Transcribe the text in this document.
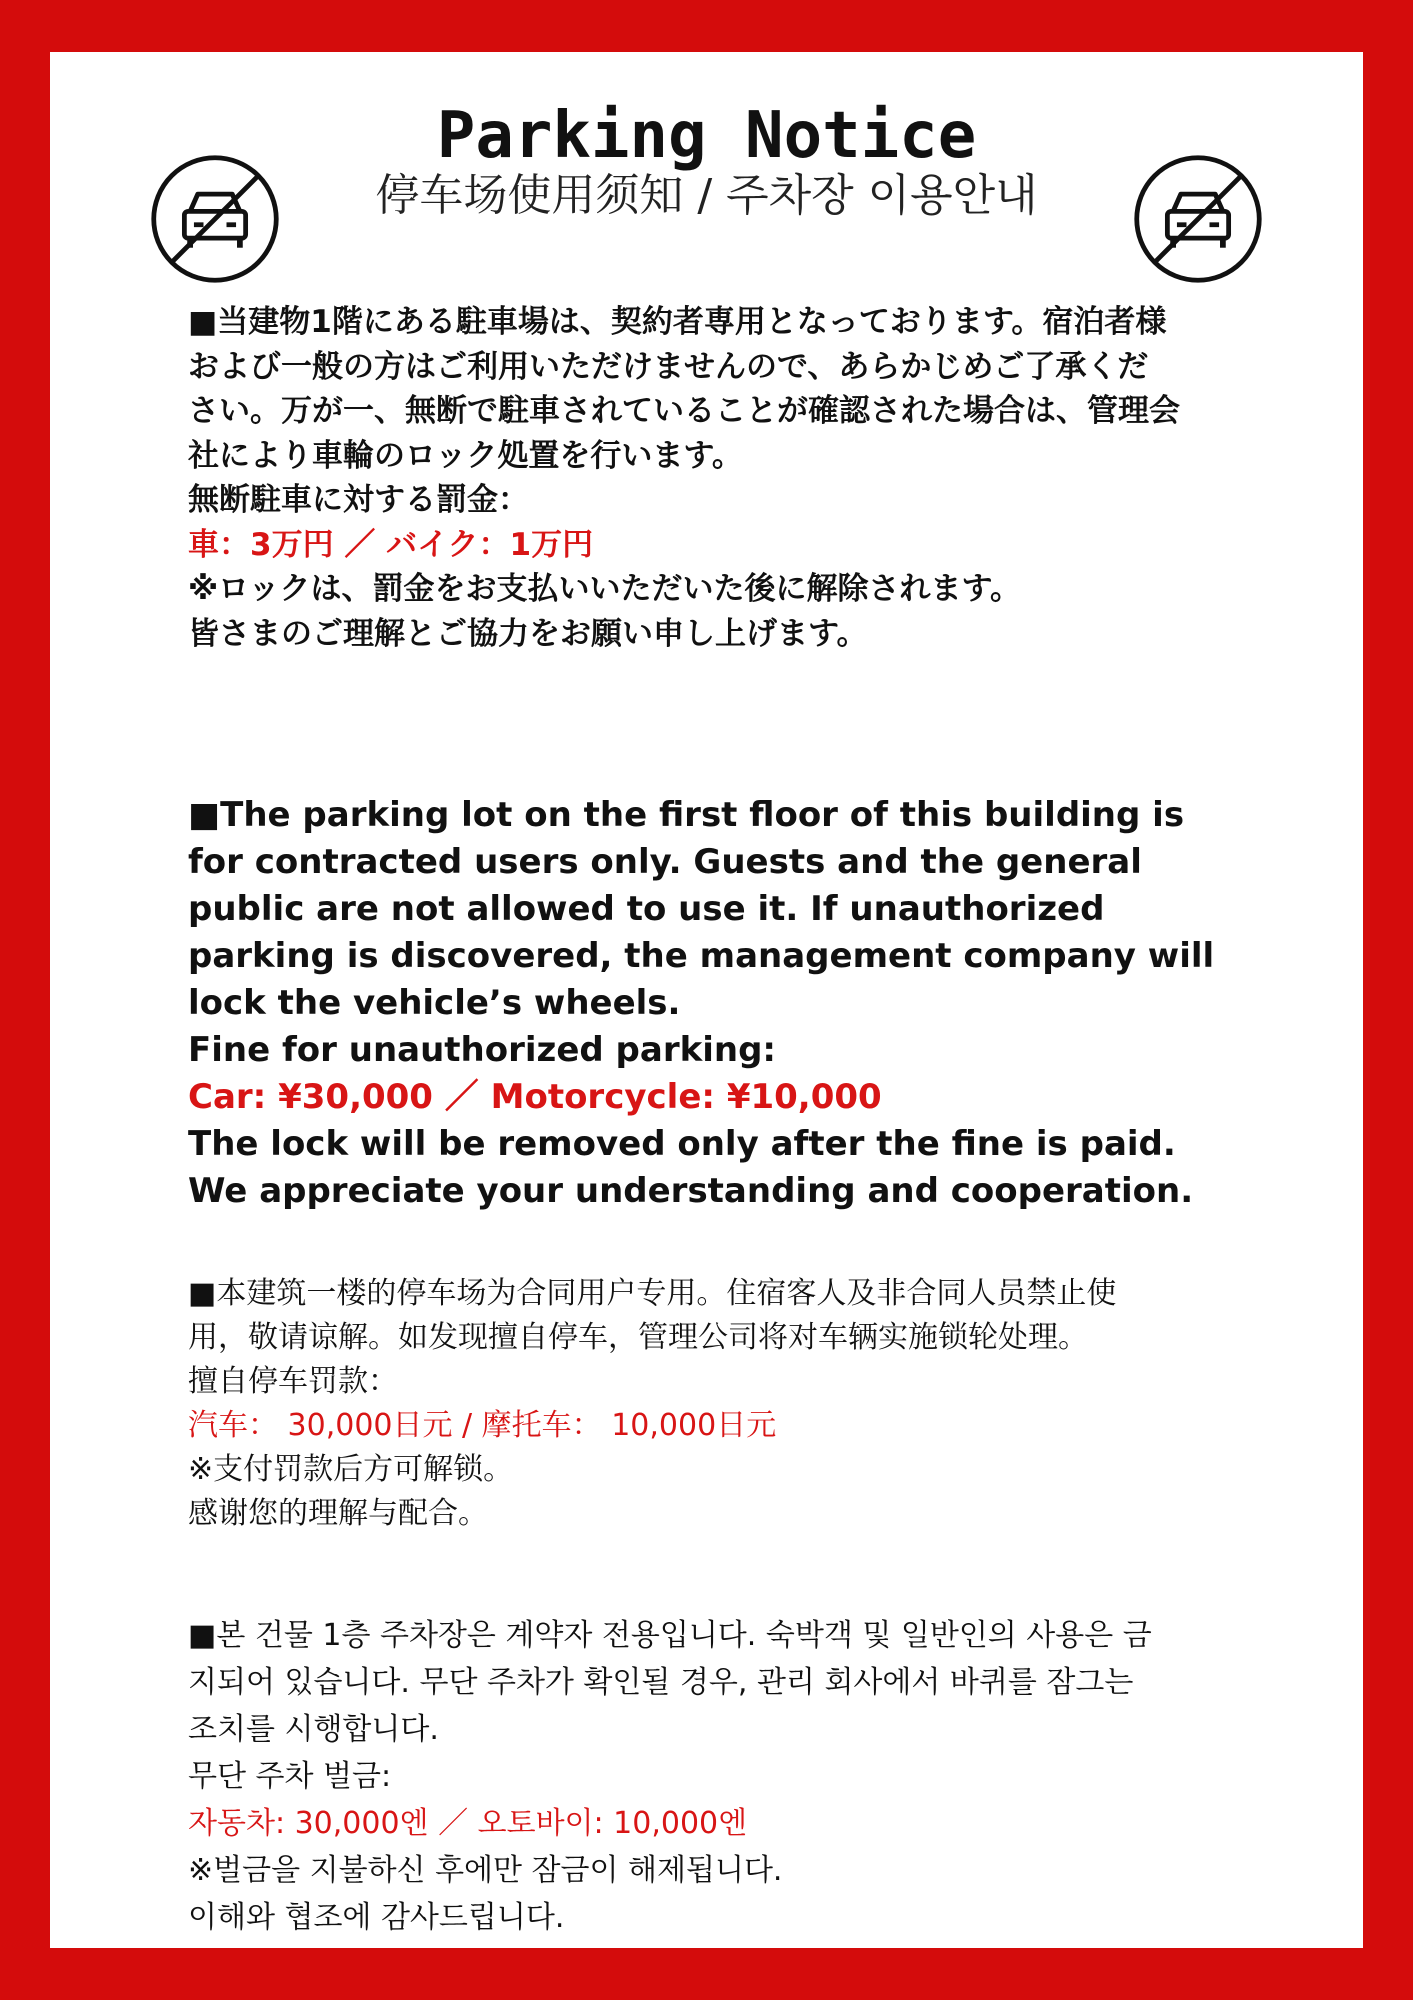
Parking Notice
停车场使用须知 / 주차장 이용안내

■当建物1階にある駐車場は、契約者専用となっております。宿泊者様
および一般の方はご利用いただけませんので、あらかじめご了承くだ
さい。万が一、無断で駐車されていることが確認された場合は、管理会
社により車輪のロック処置を行います。

無断駐車に対する罰金：

車：3万円 ／ バイク：1万円

※ロックは、罰金をお支払いいただいた後に解除されます。

皆さまのご理解とご協力をお願い申し上げます。

■The parking lot on the first floor of this building is
for contracted users only. Guests and the general
public are not allowed to use it. If unauthorized
parking is discovered, the management company will
lock the vehicle’s wheels.

Fine for unauthorized parking:

Car: ¥30,000 ／ Motorcycle: ¥10,000

The lock will be removed only after the fine is paid.

We appreciate your understanding and cooperation.

■本建筑一楼的停车场为合同用户专用。住宿客人及非合同人员禁止使
用，敬请谅解。如发现擅自停车，管理公司将对车辆实施锁轮处理。

擅自停车罚款：

汽车： 30,000日元 / 摩托车： 10,000日元

※支付罚款后方可解锁。

感谢您的理解与配合。

■본 건물 1층 주차장은 계약자 전용입니다. 숙박객 및 일반인의 사용은 금
지되어 있습니다. 무단 주차가 확인될 경우, 관리 회사에서 바퀴를 잠그는
조치를 시행합니다.

무단 주차 벌금:

자동차: 30,000엔 ／ 오토바이: 10,000엔

※벌금을 지불하신 후에만 잠금이 해제됩니다.

이해와 협조에 감사드립니다.
